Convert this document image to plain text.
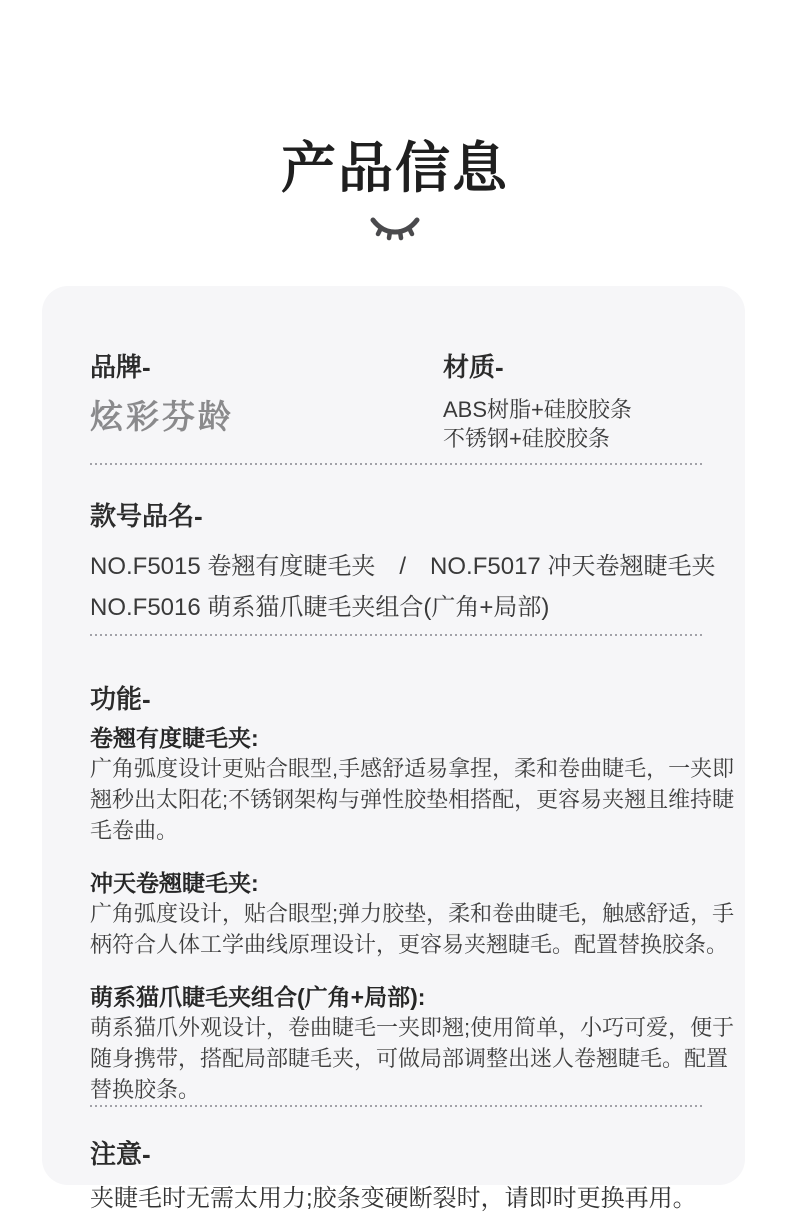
产品信息
品牌-
炫彩芬龄
材质-
ABS树脂+硅胶胶条
不锈钢+硅胶胶条
款号品名-
NO.F5015 卷翘有度睫毛夹　/　NO.F5017 冲天卷翘睫毛夹
NO.F5016 萌系猫爪睫毛夹组合(广角+局部)
功能-
卷翘有度睫毛夹:
广角弧度设计更贴合眼型,手感舒适易拿捏，柔和卷曲睫毛，一夹即翘秒出太阳花;不锈钢架构与弹性胶垫相搭配，更容易夹翘且维持睫毛卷曲。
冲天卷翘睫毛夹:
广角弧度设计，贴合眼型;弹力胶垫，柔和卷曲睫毛，触感舒适，手柄符合人体工学曲线原理设计，更容易夹翘睫毛。配置替换胶条。
萌系猫爪睫毛夹组合(广角+局部):
萌系猫爪外观设计，卷曲睫毛一夹即翘;使用简单，小巧可爱，便于随身携带，搭配局部睫毛夹，可做局部调整出迷人卷翘睫毛。配置替换胶条。
注意-
夹睫毛时无需太用力;胶条变硬断裂时，请即时更换再用。
